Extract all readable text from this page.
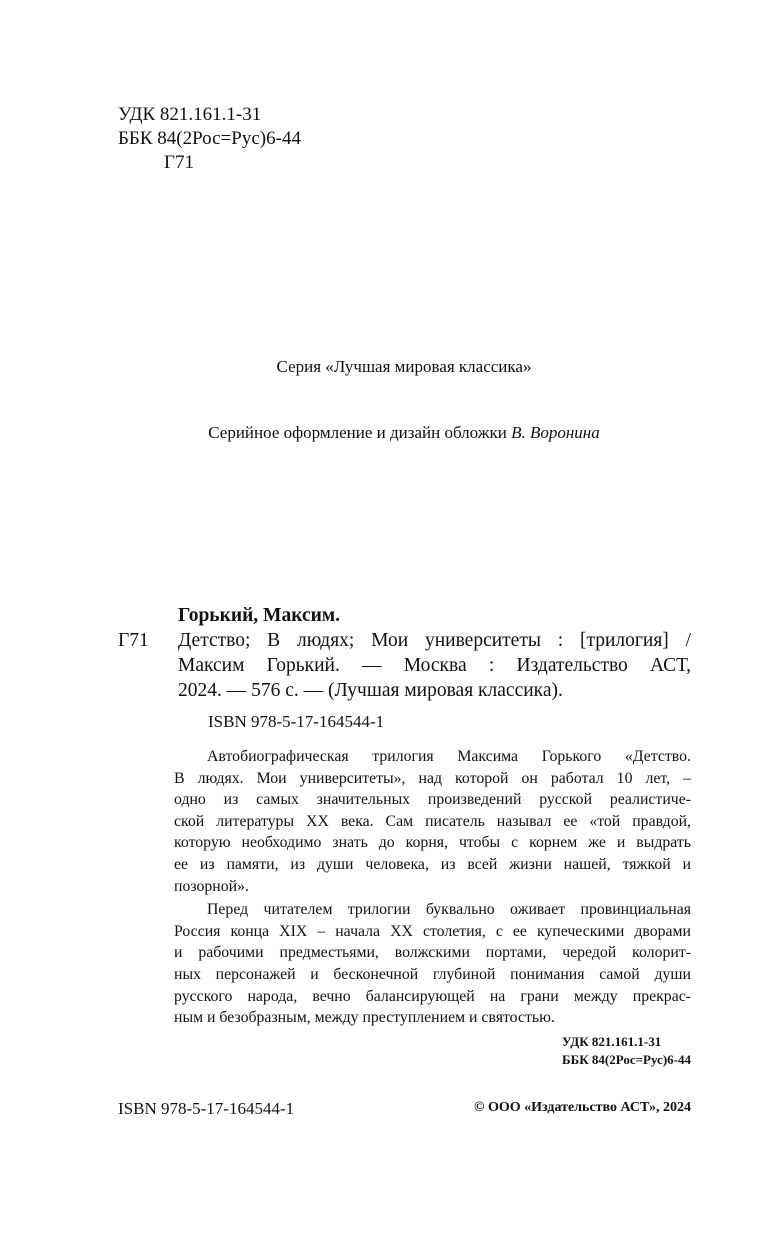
УДК 821.161.1-31
ББК 84(2Рос=Рус)6-44
Г71
Серия «Лучшая мировая классика»
Серийное оформление и дизайн обложки В. Воронина
Горький, Максим.
Г71 Детство; В людях; Мои университеты : [трилогия] /
Максим Горький. — Москва : Издательство АСТ,
2024. — 576 с. — (Лучшая мировая классика).
ISBN 978-5-17-164544-1
Автобиографическая трилогия Максима Горького «Детство.
В людях. Мои университеты», над которой он работал 10 лет, –
одно из самых значительных произведений русской реалистиче-
ской литературы XX века. Сам писатель называл ее «той правдой,
которую необходимо знать до корня, чтобы с корнем же и выдрать
ее из памяти, из души человека, из всей жизни нашей, тяжкой и
позорной».
Перед читателем трилогии буквально оживает провинциальная
Россия конца XIX – начала XX столетия, с ее купеческими дворами
и рабочими предместьями, волжскими портами, чередой колорит-
ных персонажей и бесконечной глубиной понимания самой души
русского народа, вечно балансирующей на грани между прекрас-
ным и безобразным, между преступлением и святостью.
УДК 821.161.1-31
ББК 84(2Рос=Рус)6-44
ISBN 978-5-17-164544-1	© ООО «Издательство АСТ», 2024
